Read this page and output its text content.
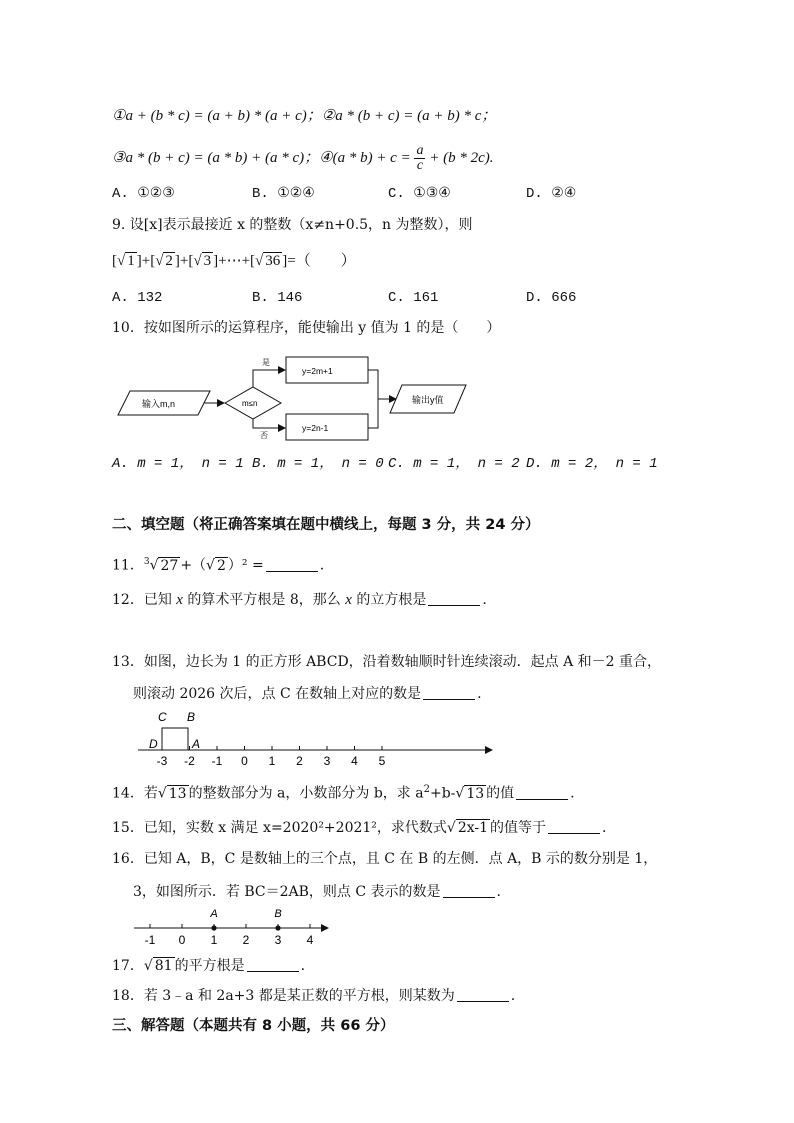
①a + (b * c) = (a + b) * (a + c)；②a * (b + c) = (a + b) * c；
③a * (b + c) = (a * b) + (a * c)；④(a * $b) + c = \frac{a}{c} + (b * 2c)$.
A. ①②③	B. ①②④	C. ①③④	D. ②④
9. 设[x]表示最接近 x 的整数（x≠n+0.5，n 为整数），则
[√ 1 ]+[√ 2 ]+[√ 3 ]+⋯+[√ 36 ]=（　　）
A. 132	B. 146	C. 161	D. 666
10．按如图所示的运算程序，能使输出 y 值为 1 的是（　　）
输入m,n	m≤n
是
否
y=2m+1
y=2n-1
输出y值
A. m = 1， n = 1 B. m = 1， n = 0 C. m = 1， n = 2 D. m = 2， n = 1
二、填空题（将正确答案填在题中横线上，每题 3 分，共 24 分）
11．$^3$√ 27 +（√ 2 ）² =	.
12．已知 x 的算术平方根是 8，那么 x 的立方根是	.
13．如图，边长为 1 的正方形 ABCD，沿着数轴顺时针连续滚动．起点 A 和－2 重合，
则滚动 2026 次后，点 C 在数轴上对应的数是	.
C B
D	A
-3 -2 -1 0 1 2 3 4 5
14．若√ 13 的整数部分为 a，小数部分为 b，求 $a^2+b-√$ 13 的值	.
15．已知，实数 x 满足 x=2020²+2021²，求代数式√ 2x-1 的值等于	.
16．已知 A，B，C 是数轴上的三个点，且 C 在 B 的左侧．点 A，B 示的数分别是 1，
3，如图所示．若 BC＝2AB，则点 C 表示的数是	.
-1 0 1 2 3 4
A	B
17．√ 81 的平方根是	.
18．若 3﹣a 和 2a+3 都是某正数的平方根，则某数为	.
三、解答题（本题共有 8 小题，共 66 分）
